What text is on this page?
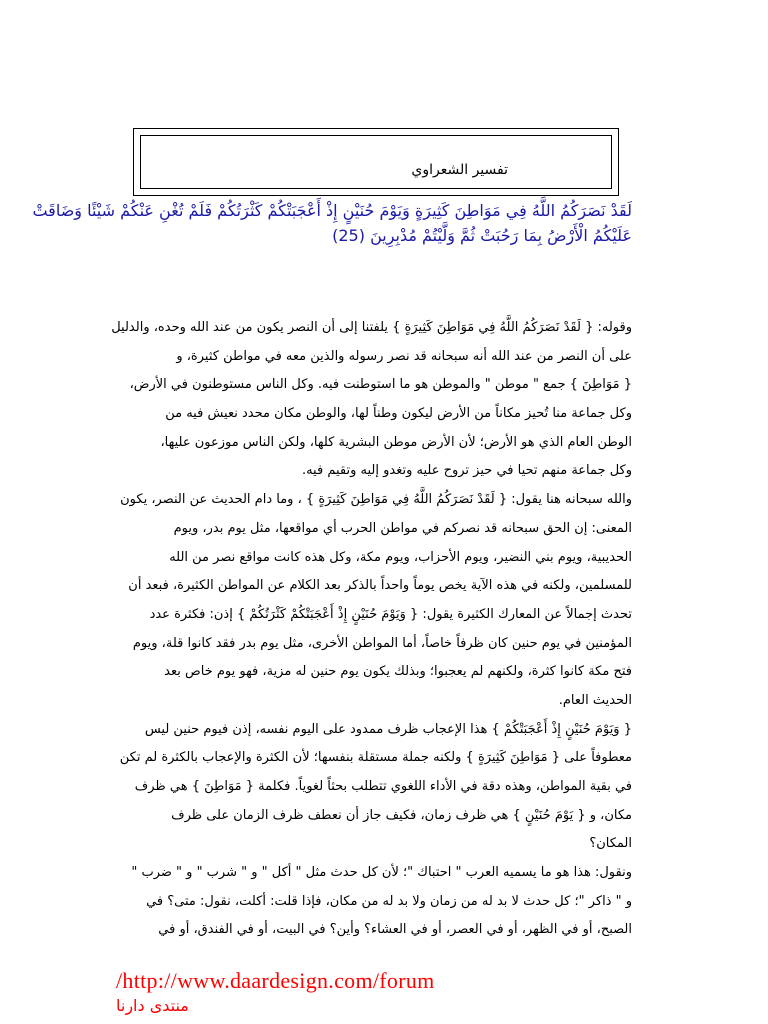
تفسير الشعراوي
لَقَدْ نَصَرَكُمُ اللَّهُ فِي مَوَاطِنَ كَثِيرَةٍ وَيَوْمَ حُنَيْنٍ إِذْ أَعْجَبَتْكُمْ كَثْرَتُكُمْ فَلَمْ تُغْنِ عَنْكُمْ شَيْئًا وَضَاقَتْ
عَلَيْكُمُ الْأَرْضُ بِمَا رَحُبَتْ ثُمَّ وَلَّيْتُمْ مُدْبِرِينَ (25)
وقوله: { لَقَدْ نَصَرَكُمُ اللَّهُ فِي مَوَاطِنَ كَثِيرَةٍ } يلفتنا إلى أن النصر يكون من عند الله وحده، والدليل
على أن النصر من عند الله أنه سبحانه قد نصر رسوله والذين معه في مواطن كثيرة، و
{ مَوَاطِنَ } جمع " موطن " والموطن هو ما استوطنت فيه. وكل الناس مستوطنون في الأرض،
وكل جماعة منا تُحيز مكاناً من الأرض ليكون وطناً لها، والوطن مكان محدد نعيش فيه من
الوطن العام الذي هو الأرض؛ لأن الأرض موطن البشرية كلها، ولكن الناس موزعون عليها،
وكل جماعة منهم تحيا في حيز تروح عليه وتغدو إليه وتقيم فيه.
والله سبحانه هنا يقول: { لَقَدْ نَصَرَكُمُ اللَّهُ فِي مَوَاطِنَ كَثِيرَةٍ } ، وما دام الحديث عن النصر، يكون
المعنى: إن الحق سبحانه قد نصركم في مواطن الحرب أي مواقعها، مثل يوم بدر، ويوم
الحديبية، ويوم بني النضير، ويوم الأحزاب، ويوم مكة، وكل هذه كانت مواقع نصر من الله
للمسلمين، ولكنه في هذه الآية يخص يوماً واحداً بالذكر بعد الكلام عن المواطن الكثيرة، فبعد أن
تحدث إجمالاً عن المعارك الكثيرة يقول: { وَيَوْمَ حُنَيْنٍ إِذْ أَعْجَبَتْكُمْ كَثْرَتُكُمْ } إذن: فكثرة عدد
المؤمنين في يوم حنين كان ظرفاً خاصاً، أما المواطن الأخرى، مثل يوم بدر فقد كانوا قلة، ويوم
فتح مكة كانوا كثرة، ولكنهم لم يعجبوا؛ وبذلك يكون يوم حنين له مزية، فهو يوم خاص بعد
الحديث العام.
{ وَيَوْمَ حُنَيْنٍ إِذْ أَعْجَبَتْكُمْ } هذا الإعجاب ظرف ممدود على اليوم نفسه، إذن فيوم حنين ليس
معطوفاً على { مَوَاطِنَ كَثِيرَةٍ } ولكنه جملة مستقلة بنفسها؛ لأن الكثرة والإعجاب بالكثرة لم تكن
في بقية المواطن، وهذه دقة في الأداء اللغوي تتطلب بحثاً لغوياً. فكلمة { مَوَاطِنَ } هي ظرف
مكان، و { يَوْمَ حُنَيْنٍ } هي ظرف زمان، فكيف جاز أن نعطف ظرف الزمان على ظرف
المكان؟
ونقول: هذا هو ما يسميه العرب " احتباك "؛ لأن كل حدث مثل " أكل " و " شرب " و " ضرب "
و " ذاكر "؛ كل حدث لا بد له من زمان ولا بد له من مكان، فإذا قلت: أكلت، نقول: متى؟ في
الصبح، أو في الظهر، أو في العصر، أو في العشاء؟ وأين؟ في البيت، أو في الفندق، أو في
/http://www.daardesign.com/forum
منتدى دارنا
